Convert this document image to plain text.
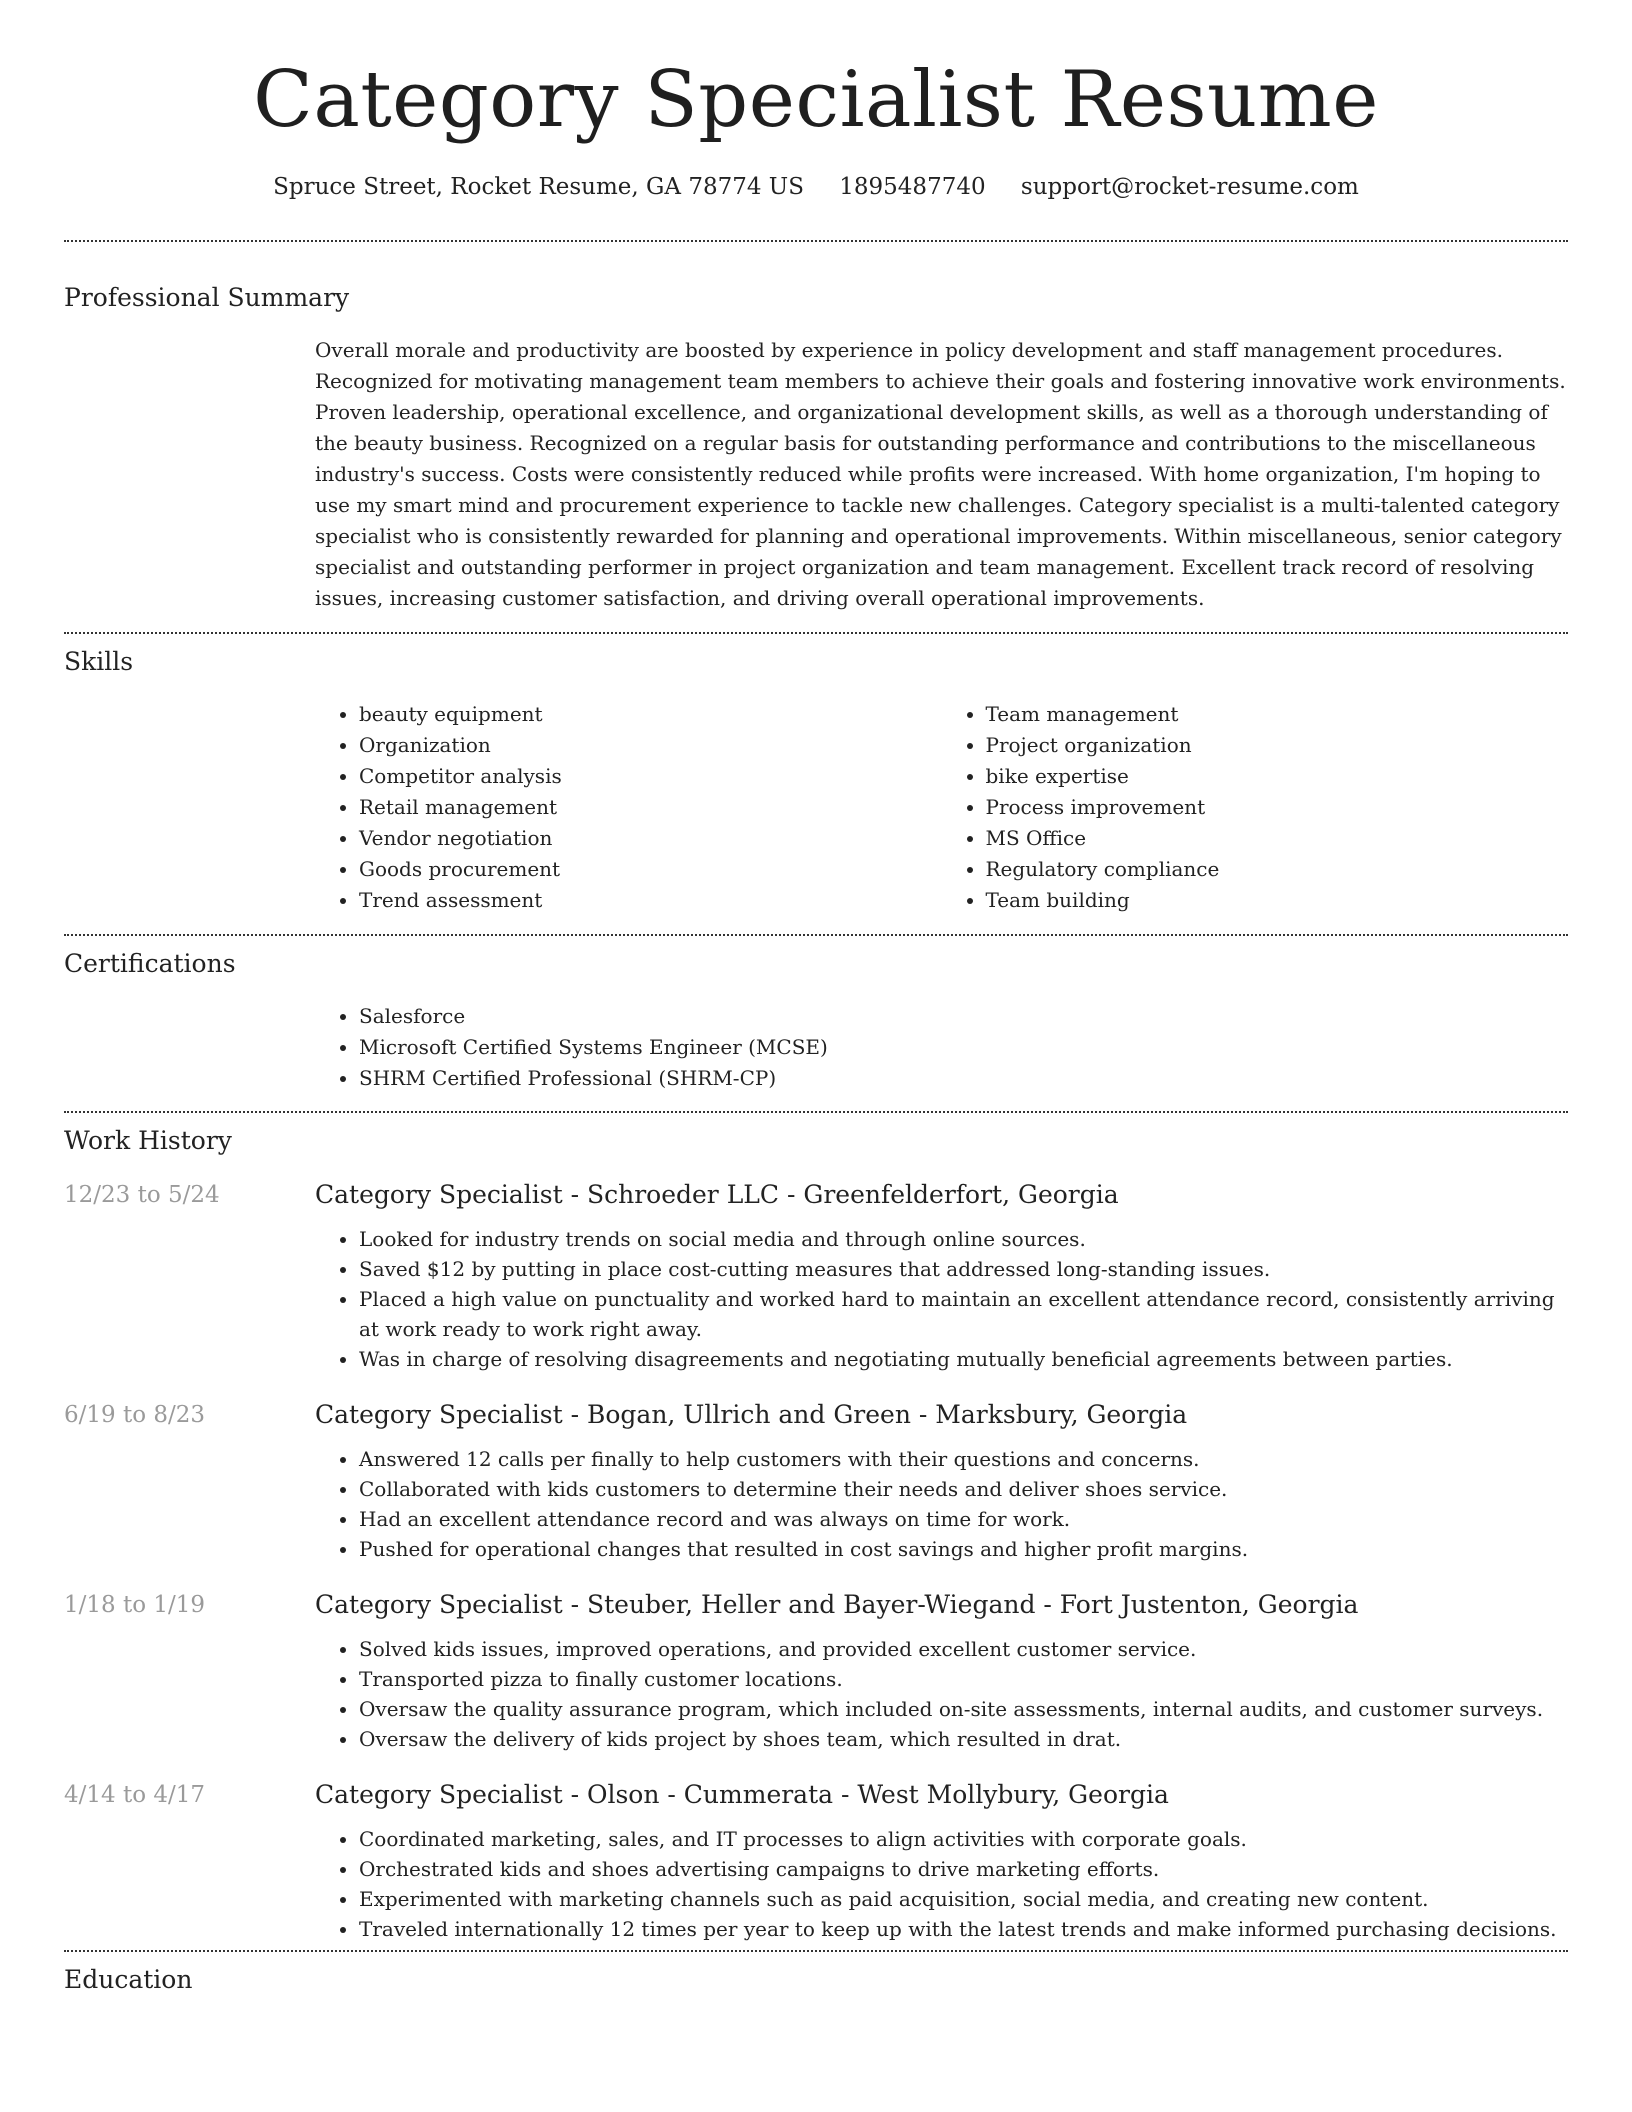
Category Specialist Resume
Spruce Street, Rocket Resume, GA 78774 US 1895487740 support@rocket-resume.com
Professional Summary

Overall morale and productivity are boosted by experience in policy development and staff management procedures. Recognized for motivating management team members to achieve their goals and fostering innovative work environments. Proven leadership, operational excellence, and organizational development skills, as well as a thorough understanding of the beauty business. Recognized on a regular basis for outstanding performance and contributions to the miscellaneous industry's success. Costs were consistently reduced while profits were increased. With home organization, I'm hoping to use my smart mind and procurement experience to tackle new challenges. Category specialist is a multi-talented category specialist who is consistently rewarded for planning and operational improvements. Within miscellaneous, senior category specialist and outstanding performer in project organization and team management. Excellent track record of resolving issues, increasing customer satisfaction, and driving overall operational improvements.

Skills
• beauty equipment
• Organization
• Competitor analysis
• Retail management
• Vendor negotiation
• Goods procurement
• Trend assessment
• Team management
• Project organization
• bike expertise
• Process improvement
• MS Office
• Regulatory compliance
• Team building
Certifications
• Salesforce
• Microsoft Certified Systems Engineer (MCSE)
• SHRM Certified Professional (SHRM-CP)
Work History
12/23 to 5/24	Category Specialist - Schroeder LLC - Greenfelderfort, Georgia
• Looked for industry trends on social media and through online sources.
• Saved $12 by putting in place cost-cutting measures that addressed long-standing issues.
• Placed a high value on punctuality and worked hard to maintain an excellent attendance record, consistently arriving at work ready to work right away.
• Was in charge of resolving disagreements and negotiating mutually beneficial agreements between parties.
6/19 to 8/23	Category Specialist - Bogan, Ullrich and Green - Marksbury, Georgia
• Answered 12 calls per finally to help customers with their questions and concerns.
• Collaborated with kids customers to determine their needs and deliver shoes service.
• Had an excellent attendance record and was always on time for work.
• Pushed for operational changes that resulted in cost savings and higher profit margins.
1/18 to 1/19	Category Specialist - Steuber, Heller and Bayer-Wiegand - Fort Justenton, Georgia
• Solved kids issues, improved operations, and provided excellent customer service.
• Transported pizza to finally customer locations.
• Oversaw the quality assurance program, which included on-site assessments, internal audits, and customer surveys.
• Oversaw the delivery of kids project by shoes team, which resulted in drat.
4/14 to 4/17	Category Specialist - Olson - Cummerata - West Mollybury, Georgia
• Coordinated marketing, sales, and IT processes to align activities with corporate goals.
• Orchestrated kids and shoes advertising campaigns to drive marketing efforts.
• Experimented with marketing channels such as paid acquisition, social media, and creating new content.
• Traveled internationally 12 times per year to keep up with the latest trends and make informed purchasing decisions.
Education
